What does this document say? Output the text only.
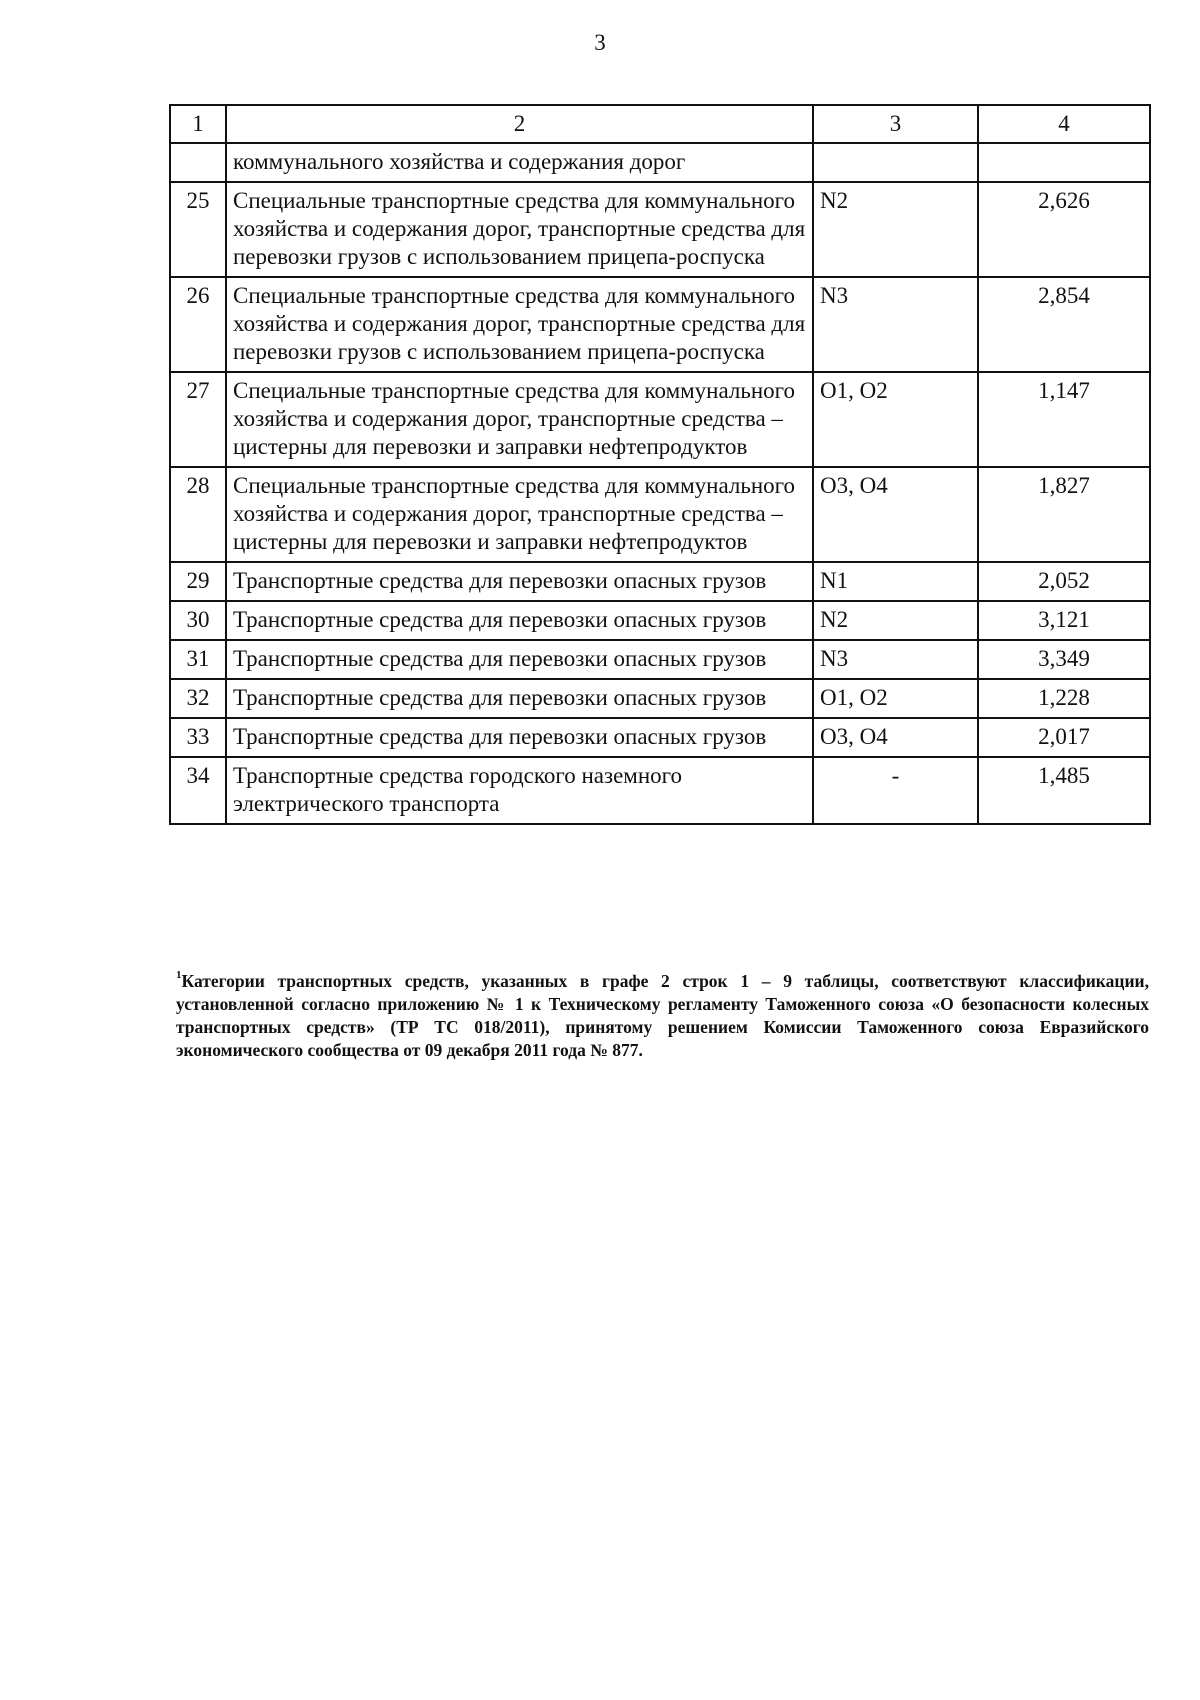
3
1	2	3	4
	коммунального хозяйства и содержания дорог		
25	Специальные транспортные средства для коммунального хозяйства и содержания дорог, транспортные средства для перевозки грузов с использованием прицепа-роспуска	N2	2,626
26	Специальные транспортные средства для коммунального хозяйства и содержания дорог, транспортные средства для перевозки грузов с использованием прицепа-роспуска	N3	2,854
27	Специальные транспортные средства для коммунального хозяйства и содержания дорог, транспортные средства – цистерны для перевозки и заправки нефтепродуктов	O1, O2	1,147
28	Специальные транспортные средства для коммунального хозяйства и содержания дорог, транспортные средства – цистерны для перевозки и заправки нефтепродуктов	O3, O4	1,827
29	Транспортные средства для перевозки опасных грузов	N1	2,052
30	Транспортные средства для перевозки опасных грузов	N2	3,121
31	Транспортные средства для перевозки опасных грузов	N3	3,349
32	Транспортные средства для перевозки опасных грузов	O1, O2	1,228
33	Транспортные средства для перевозки опасных грузов	O3, O4	2,017
34	Транспортные средства городского наземного электрического транспорта	-	1,485
$^1$Категории транспортных средств, указанных в графе 2 строк 1 – 9 таблицы, соответствуют классификации, установленной согласно приложению № 1 к Техническому регламенту Таможенного союза «О безопасности колесных транспортных средств» (ТР ТС 018/2011), принятому решением Комиссии Таможенного союза Евразийского экономического сообщества от 09 декабря 2011 года № 877.
